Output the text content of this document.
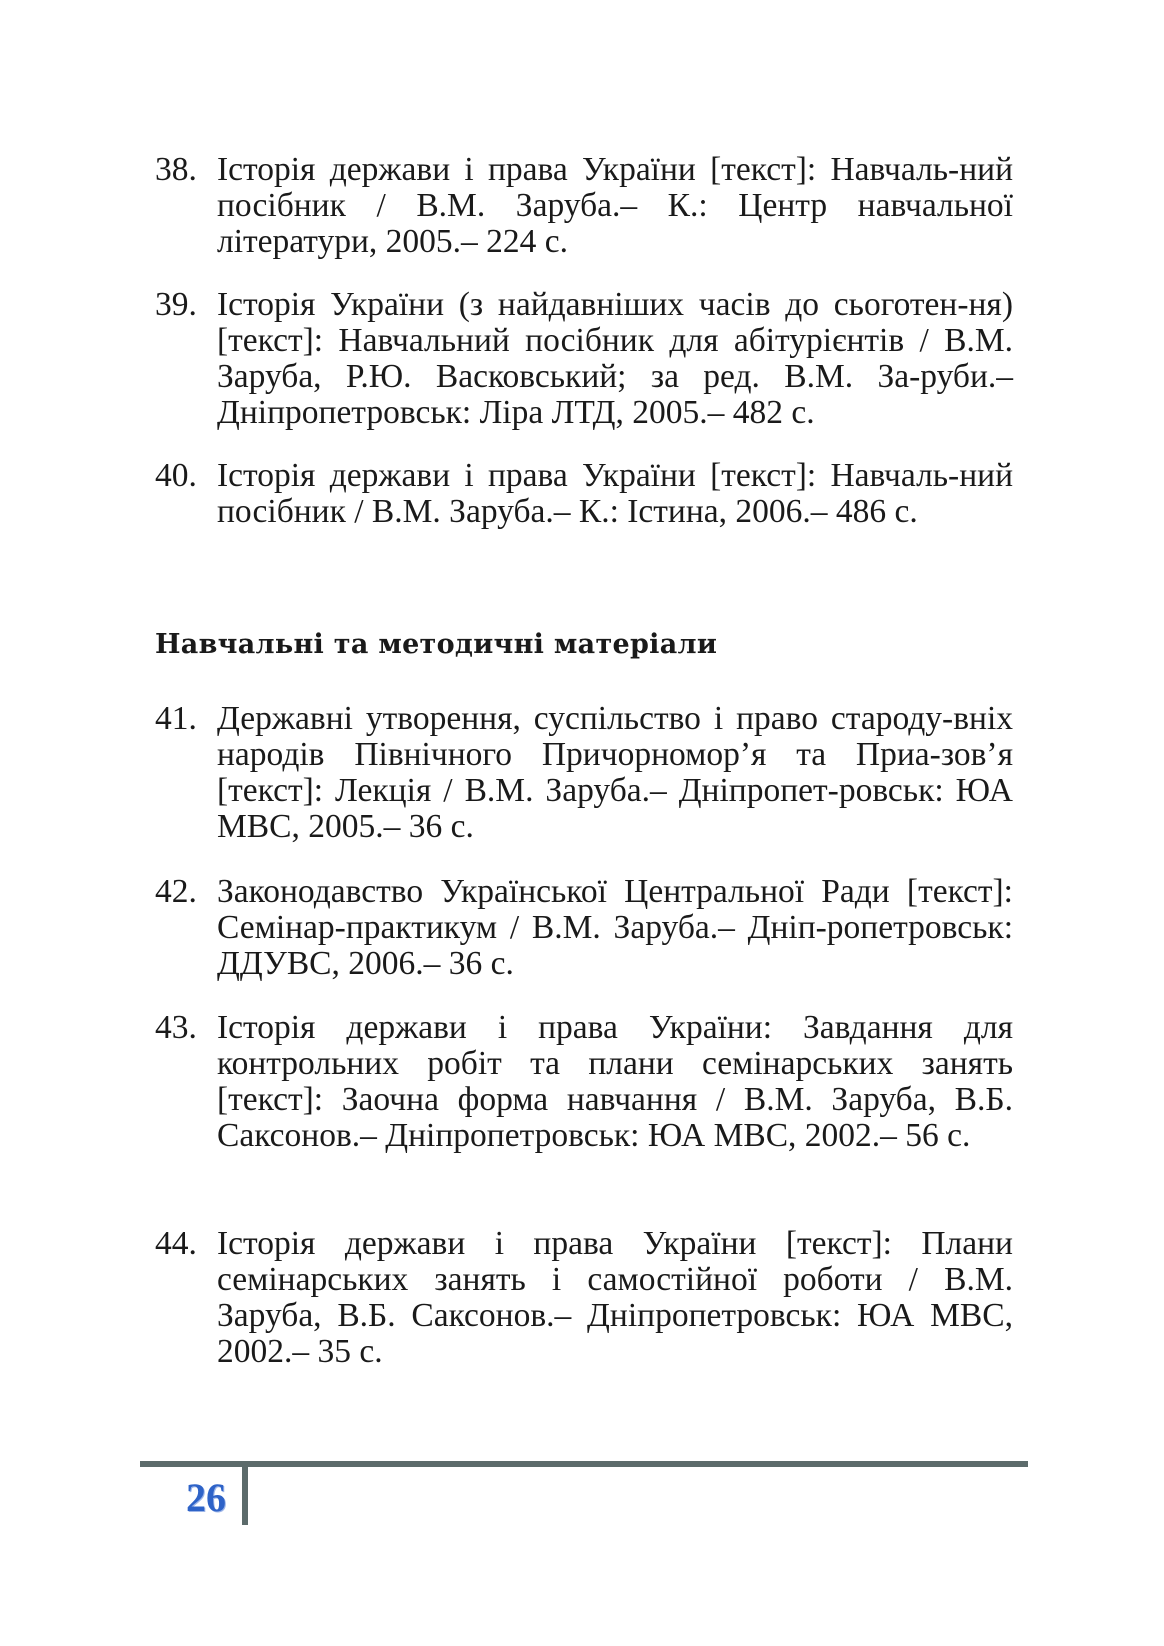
38. Історія держави і права України [текст]: Навчаль-ний посібник / В.М. Заруба.– К.: Центр навчальної літератури, 2005.– 224 с.
39. Історія України (з найдавніших часів до сьоготен-ня) [текст]: Навчальний посібник для абітурієнтів / В.М. Заруба, Р.Ю. Васковський; за ред. В.М. За-руби.– Дніпропетровськ: Ліра ЛТД, 2005.– 482 с.
40. Історія держави і права України [текст]: Навчаль-ний посібник / В.М. Заруба.– К.: Істина, 2006.– 486 с.
Навчальні та методичні матеріали
41. Державні утворення, суспільство і право староду-вніх народів Північного Причорномор’я та Приа-зов’я [текст]: Лекція / В.М. Заруба.– Дніпропет-ровськ: ЮА МВС, 2005.– 36 с.
42. Законодавство Української Центральної Ради [текст]: Семінар-практикум / В.М. Заруба.– Дніп-ропетровськ: ДДУВС, 2006.– 36 с.
43. Історія держави і права України: Завдання для контрольних робіт та плани семінарських занять [текст]: Заочна форма навчання / В.М. Заруба, В.Б. Саксонов.– Дніпропетровськ: ЮА МВС, 2002.– 56 с.
44. Історія держави і права України [текст]: Плани семінарських занять і самостійної роботи / В.М. Заруба, В.Б. Саксонов.– Дніпропетровськ: ЮА МВС, 2002.– 35 с.
26
